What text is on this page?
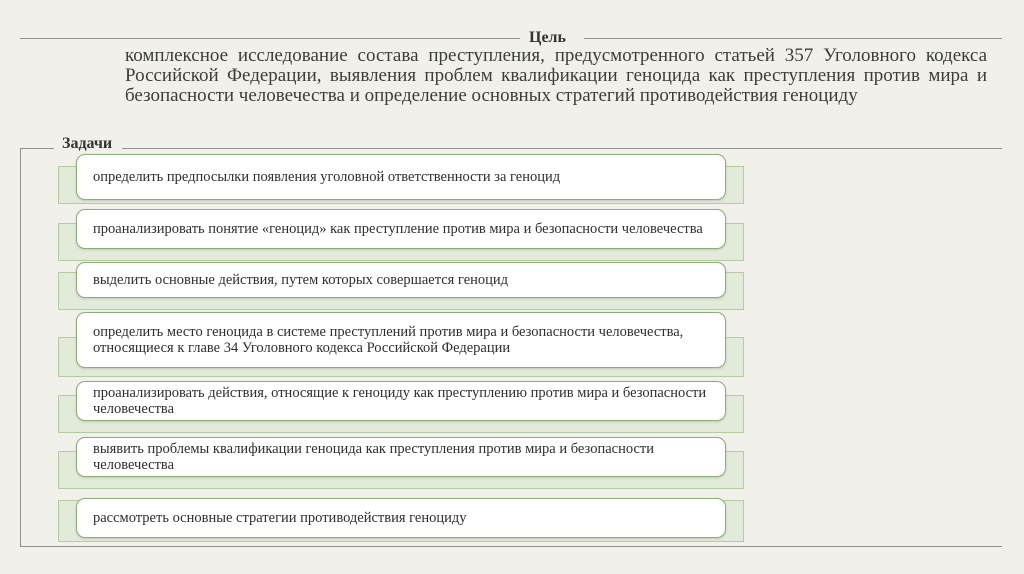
Цель
комплексное исследование состава преступления, предусмотренного статьей 357 Уголовного кодекса Российской Федерации, выявления проблем квалификации геноцида как преступления против мира и безопасности человечества и определение основных стратегий противодействия геноциду
Задачи
определить предпосылки появления уголовной ответственности за геноцид
проанализировать понятие «геноцид» как преступление против мира и безопасности человечества
выделить основные действия, путем которых совершается геноцид
определить место геноцида в системе преступлений против мира и безопасности человечества, относящиеся к главе 34 Уголовного кодекса Российской Федерации
проанализировать действия, относящие к геноциду как преступлению против мира и безопасности человечества
выявить проблемы квалификации геноцида как преступления против мира и безопасности человечества
рассмотреть основные стратегии противодействия геноциду
